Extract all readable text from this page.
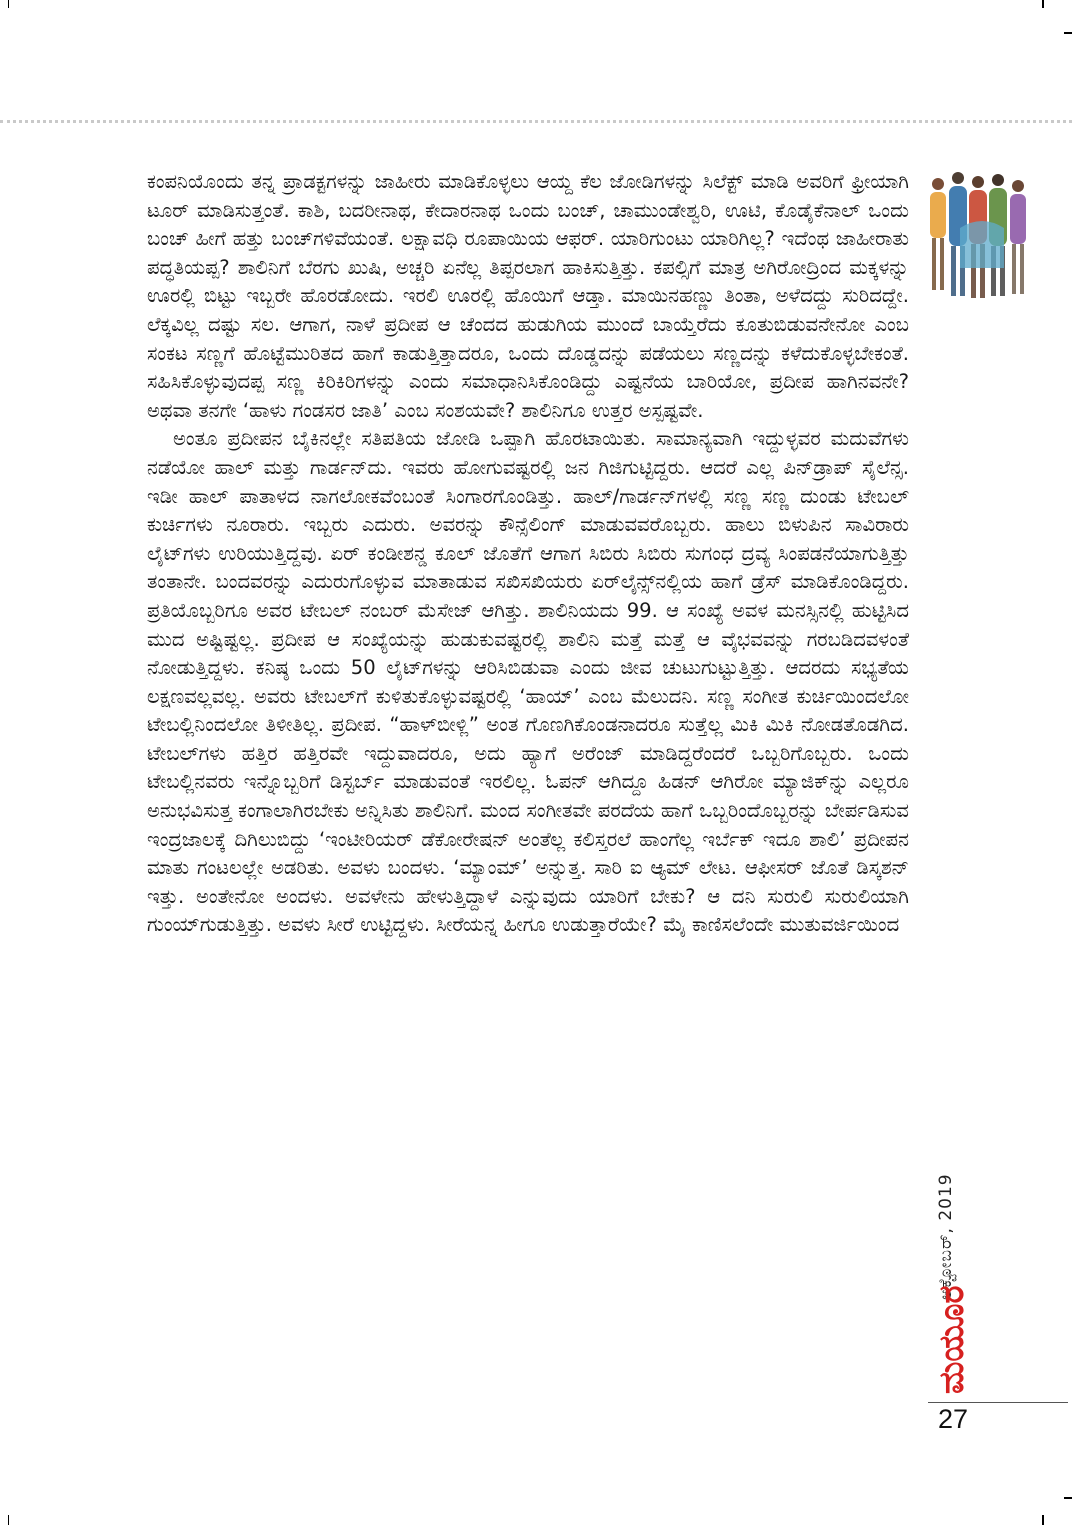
ಕಂಪನಿಯೊಂದು ತನ್ನ ಪ್ರಾಡಕ್ಟಗಳನ್ನು ಜಾಹೀರು ಮಾಡಿಕೊಳ್ಳಲು ಆಯ್ದ ಕೆಲ ಜೋಡಿಗಳನ್ನು ಸಿಲೆಕ್ಟ್ ಮಾಡಿ ಅವರಿಗೆ ಫ್ರೀಯಾಗಿ ಟೂರ್ ಮಾಡಿಸುತ್ತಂತೆ. ಕಾಶಿ, ಬದರೀನಾಥ, ಕೇದಾರನಾಥ ಒಂದು ಬಂಚ್, ಚಾಮುಂಡೇಶ್ವರಿ, ಊಟಿ, ಕೊಡೈಕೆನಾಲ್ ಒಂದು ಬಂಚ್ ಹೀಗೆ ಹತ್ತು ಬಂಚ್‌ಗಳಿವೆಯಂತೆ. ಲಕ್ಷಾವಧಿ ರೂಪಾಯಿಯ ಆಫರ್. ಯಾರಿಗುಂಟು ಯಾರಿಗಿಲ್ಲ? ಇದೆಂಥ ಜಾಹೀರಾತು ಪದ್ಧತಿಯಪ್ಪ? ಶಾಲಿನಿಗೆ ಬೆರಗು ಖುಷಿ, ಅಚ್ಚರಿ ಏನೆಲ್ಲ ತಿಪ್ಪರಲಾಗ ಹಾಕಿಸುತ್ತಿತ್ತು. ಕಪಲ್ಸಿಗೆ ಮಾತ್ರ ಅಗಿರೋದ್ರಿಂದ ಮಕ್ಕಳನ್ನು ಊರಲ್ಲಿ ಬಿಟ್ಟು ಇಬ್ಬರೇ ಹೊರಡೋದು. ಇರಲಿ ಊರಲ್ಲಿ ಹೊಯಿಗೆ ಆಡ್ತಾ. ಮಾಯಿನಹಣ್ಣು ತಿಂತಾ, ಅಳೆದದ್ದು ಸುರಿದದ್ದೇ. ಲೆಕ್ಕವಿಲ್ಲ ದಷ್ಟು ಸಲ. ಆಗಾಗ, ನಾಳೆ ಪ್ರದೀಪ ಆ ಚೆಂದದ ಹುಡುಗಿಯ ಮುಂದೆ ಬಾಯ್ತೆರೆದು ಕೂತುಬಿಡುವನೇನೋ ಎಂಬ ಸಂಕಟ ಸಣ್ಣಗೆ ಹೊಟ್ಟೆಮುರಿತದ ಹಾಗೆ ಕಾಡುತ್ತಿತ್ತಾದರೂ, ಒಂದು ದೊಡ್ಡದನ್ನು ಪಡೆಯಲು ಸಣ್ಣದನ್ನು ಕಳೆದುಕೊಳ್ಳಬೇಕಂತೆ. ಸಹಿಸಿಕೊಳ್ಳುವುದಪ್ಪ ಸಣ್ಣ ಕಿರಿಕಿರಿಗಳನ್ನು ಎಂದು ಸಮಾಧಾನಿಸಿಕೊಂಡಿದ್ದು ಎಷ್ಟನೆಯ ಬಾರಿಯೋ, ಪ್ರದೀಪ ಹಾಗಿನವನೇ? ಅಥವಾ ತನಗೇ ‘ಹಾಳು ಗಂಡಸರ ಜಾತಿ’ ಎಂಬ ಸಂಶಯವೇ? ಶಾಲಿನಿಗೂ ಉತ್ತರ ಅಸ್ಪಷ್ಟವೇ.

ಅಂತೂ ಪ್ರದೀಪನ ಬೈಕಿನಲ್ಲೇ ಸತಿಪತಿಯ ಜೋಡಿ ಒಪ್ಪಾಗಿ ಹೊರಟಾಯಿತು. ಸಾಮಾನ್ಯವಾಗಿ ಇದ್ದುಳ್ಳವರ ಮದುವೆಗಳು ನಡೆಯೋ ಹಾಲ್ ಮತ್ತು ಗಾರ್ಡನ್‌ದು. ಇವರು ಹೋಗುವಷ್ಟರಲ್ಲಿ ಜನ ಗಿಜಿಗುಟ್ಟಿದ್ದರು. ಆದರೆ ಎಲ್ಲ ಪಿನ್‌ಡ್ರಾಪ್ ಸೈಲೆನ್ಸ. ಇಡೀ ಹಾಲ್ ಪಾತಾಳದ ನಾಗಲೋಕವೆಂಬಂತೆ ಸಿಂಗಾರಗೊಂಡಿತ್ತು. ಹಾಲ್/ಗಾರ್ಡನ್‌ಗಳಲ್ಲಿ ಸಣ್ಣ ಸಣ್ಣ ದುಂಡು ಟೇಬಲ್ ಕುರ್ಚಿಗಳು ನೂರಾರು. ಇಬ್ಬರು ಎದುರು. ಅವರನ್ನು ಕೌನ್ಸೆಲಿಂಗ್ ಮಾಡುವವರೊಬ್ಬರು. ಹಾಲು ಬಿಳುಪಿನ ಸಾವಿರಾರು ಲೈಟ್‌ಗಳು ಉರಿಯುತ್ತಿದ್ದವು. ಏರ್ ಕಂಡೀಶನ್ಡ ಕೂಲ್ ಜೊತೆಗೆ ಆಗಾಗ ಸಿಬಿರು ಸಿಬಿರು ಸುಗಂಧ ದ್ರವ್ಯ ಸಿಂಪಡನೆಯಾಗುತ್ತಿತ್ತು ತಂತಾನೇ. ಬಂದವರನ್ನು ಎದುರುಗೊಳ್ಳುವ ಮಾತಾಡುವ ಸಖಿಸಖಿಯರು ಏರ್‌ಲೈನ್ಸ್‌ನಲ್ಲಿಯ ಹಾಗೆ ಡ್ರೆಸ್ ಮಾಡಿಕೊಂಡಿದ್ದರು. ಪ್ರತಿಯೊಬ್ಬರಿಗೂ ಅವರ ಟೇಬಲ್ ನಂಬರ್ ಮೆಸೇಜ್ ಆಗಿತ್ತು. ಶಾಲಿನಿಯದು 99. ಆ ಸಂಖ್ಯೆ ಅವಳ ಮನಸ್ಸಿನಲ್ಲಿ ಹುಟ್ಟಿಸಿದ ಮುದ ಅಷ್ಟಿಷ್ಟಲ್ಲ. ಪ್ರದೀಪ ಆ ಸಂಖ್ಯೆಯನ್ನು ಹುಡುಕುವಷ್ಟರಲ್ಲಿ ಶಾಲಿನಿ ಮತ್ತೆ ಮತ್ತೆ ಆ ವೈಭವವನ್ನು ಗರಬಡಿದವಳಂತೆ ನೋಡುತ್ತಿದ್ದಳು. ಕನಿಷ್ಠ ಒಂದು 50 ಲೈಟ್‌ಗಳನ್ನು ಆರಿಸಿಬಿಡುವಾ ಎಂದು ಜೀವ ಚುಟುಗುಟ್ಟುತ್ತಿತ್ತು. ಆದರದು ಸಭ್ಯತೆಯ ಲಕ್ಷಣವಲ್ಲವಲ್ಲ. ಅವರು ಟೇಬಲ್‌ಗೆ ಕುಳಿತುಕೊಳ್ಳುವಷ್ಟರಲ್ಲಿ ‘ಹಾಯ್’ ಎಂಬ ಮೆಲುದನಿ. ಸಣ್ಣ ಸಂಗೀತ ಕುರ್ಚಿಯಿಂದಲೋ ಟೇಬಲ್ಲಿನಿಂದಲೋ ತಿಳೀತಿಲ್ಲ. ಪ್ರದೀಪ. “ಹಾಳ್‌ಬೀಳ್ಲಿ” ಅಂತ ಗೊಣಗಿಕೊಂಡನಾದರೂ ಸುತ್ತೆಲ್ಲ ಮಿಕಿ ಮಿಕಿ ನೋಡತೊಡಗಿದ. ಟೇಬಲ್‌ಗಳು ಹತ್ತಿರ ಹತ್ತಿರವೇ ಇದ್ದುವಾದರೂ, ಅದು ಹ್ಯಾಗೆ ಅರೆಂಜ್ ಮಾಡಿದ್ದರೆಂದರೆ ಒಬ್ಬರಿಗೊಬ್ಬರು. ಒಂದು ಟೇಬಲ್ಲಿನವರು ಇನ್ನೊಬ್ಬರಿಗೆ ಡಿಸ್ಟರ್ಬ್ ಮಾಡುವಂತೆ ಇರಲಿಲ್ಲ. ಓಪನ್ ಆಗಿದ್ದೂ ಹಿಡನ್ ಆಗಿರೋ ಮ್ಯಾಜಿಕ್‌ನ್ನು ಎಲ್ಲರೂ ಅನುಭವಿಸುತ್ತ ಕಂಗಾಲಾಗಿರಬೇಕು ಅನ್ನಿಸಿತು ಶಾಲಿನಿಗೆ. ಮಂದ ಸಂಗೀತವೇ ಪರದೆಯ ಹಾಗೆ ಒಬ್ಬರಿಂದೊಬ್ಬರನ್ನು ಬೇರ್ಪಡಿಸುವ ಇಂದ್ರಜಾಲಕ್ಕೆ ದಿಗಿಲುಬಿದ್ದು ‘ಇಂಟೀರಿಯರ್ ಡೆಕೋರೇಷನ್ ಅಂತೆಲ್ಲ ಕಲಿಸ್ತರಲೆ ಹಾಂಗೆಲ್ಲ ಇರ್ಬೆಕ್ ಇದೂ ಶಾಲಿ’ ಪ್ರದೀಪನ ಮಾತು ಗಂಟಲಲ್ಲೇ ಅಡರಿತು. ಅವಳು ಬಂದಳು. ‘ಮ್ಯಾಂಮ್’ ಅನ್ನುತ್ತ. ಸಾರಿ ಐ ಆ್ಯಮ್ ಲೇಟ. ಆಫೀಸರ್ ಜೊತೆ ಡಿಸ್ಕಶನ್ ಇತ್ತು. ಅಂತೇನೋ ಅಂದಳು. ಅವಳೇನು ಹೇಳುತ್ತಿದ್ದಾಳೆ ಎನ್ನುವುದು ಯಾರಿಗೆ ಬೇಕು? ಆ ದನಿ ಸುರುಲಿ ಸುರುಲಿಯಾಗಿ ಗುಂಯ್‌ಗುಡುತ್ತಿತ್ತು. ಅವಳು ಸೀರೆ ಉಟ್ಟಿದ್ದಳು. ಸೀರೆಯನ್ನ ಹೀಗೂ ಉಡುತ್ತಾರೆಯೇ? ಮೈ ಕಾಣಿಸಲೆಂದೇ ಮುತುವರ್ಜಿಯಿಂದ

ಅಕ್ಟೋಬರ್, 2019
ಮಯೂರ
27
